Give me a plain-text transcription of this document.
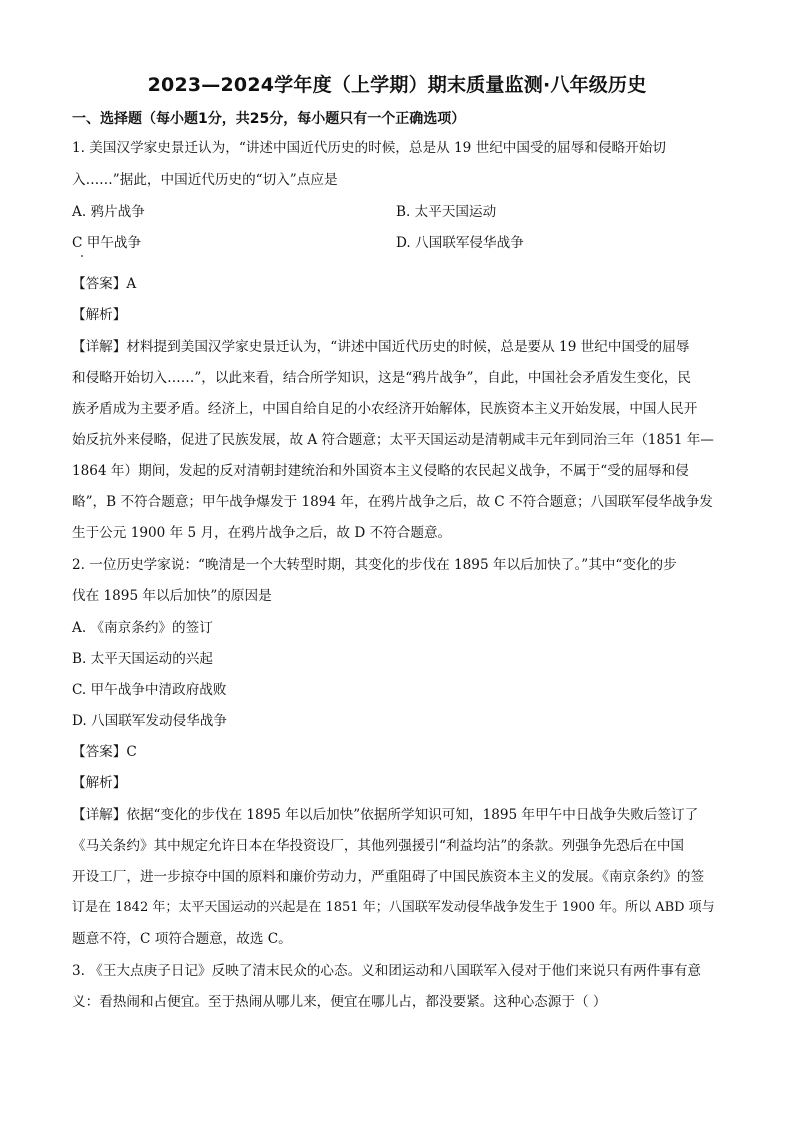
2023—2024学年度（上学期）期末质量监测·八年级历史
一、选择题（每小题1分，共25分，每小题只有一个正确选项）
1. 美国汉学家史景迁认为，“讲述中国近代历史的时候，总是从 19 世纪中国受的屈辱和侵略开始切
入……”据此，中国近代历史的“切入”点应是
A. 鸦片战争	B. 太平天国运动
C 甲午战争	D. 八国联军侵华战争
【答案】A
【解析】
【详解】材料提到美国汉学家史景迁认为，“讲述中国近代历史的时候，总是要从 19 世纪中国受的屈辱
和侵略开始切入……”，以此来看，结合所学知识，这是“鸦片战争”，自此，中国社会矛盾发生变化，民
族矛盾成为主要矛盾。经济上，中国自给自足的小农经济开始解体，民族资本主义开始发展，中国人民开
始反抗外来侵略，促进了民族发展，故 A 符合题意；太平天国运动是清朝咸丰元年到同治三年（1851 年—
1864 年）期间，发起的反对清朝封建统治和外国资本主义侵略的农民起义战争，不属于“受的屈辱和侵
略”，B 不符合题意；甲午战争爆发于 1894 年，在鸦片战争之后，故 C 不符合题意；八国联军侵华战争发
生于公元 1900 年 5 月，在鸦片战争之后，故 D 不符合题意。
2. 一位历史学家说：“晚清是一个大转型时期，其变化的步伐在 1895 年以后加快了。”其中“变化的步
伐在 1895 年以后加快”的原因是
A. 《南京条约》的签订
B. 太平天国运动的兴起
C. 甲午战争中清政府战败
D. 八国联军发动侵华战争
【答案】C
【解析】
【详解】依据“变化的步伐在 1895 年以后加快”依据所学知识可知，1895 年甲午中日战争失败后签订了
《马关条约》其中规定允许日本在华投资设厂，其他列强援引“利益均沾”的条款。列强争先恐后在中国
开设工厂，进一步掠夺中国的原料和廉价劳动力，严重阻碍了中国民族资本主义的发展。《南京条约》的签
订是在 1842 年；太平天国运动的兴起是在 1851 年；八国联军发动侵华战争发生于 1900 年。所以 ABD 项与
题意不符，C 项符合题意，故选 C。
3. 《王大点庚子日记》反映了清末民众的心态。义和团运动和八国联军入侵对于他们来说只有两件事有意
义：看热闹和占便宜。至于热闹从哪儿来，便宜在哪儿占，都没要紧。这种心态源于（ ）
